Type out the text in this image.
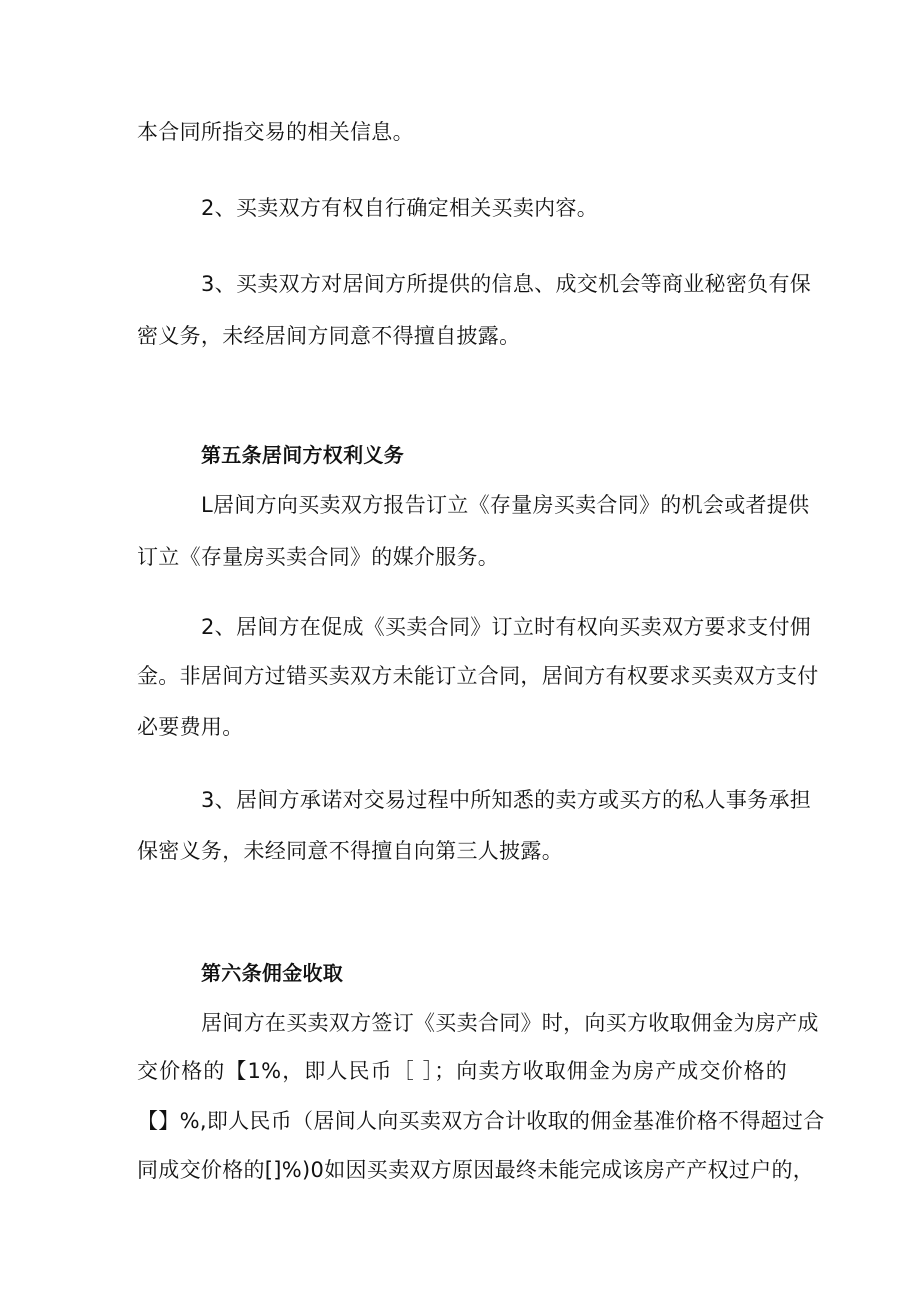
本合同所指交易的相关信息。
2、买卖双方有权自行确定相关买卖内容。
3、买卖双方对居间方所提供的信息、成交机会等商业秘密负有保
密义务，未经居间方同意不得擅自披露。
第五条居间方权利义务
L居间方向买卖双方报告订立《存量房买卖合同》的机会或者提供
订立《存量房买卖合同》的媒介服务。
2、居间方在促成《买卖合同》订立时有权向买卖双方要求支付佣
金。非居间方过错买卖双方未能订立合同，居间方有权要求买卖双方支付
必要费用。
3、居间方承诺对交易过程中所知悉的卖方或买方的私人事务承担
保密义务，未经同意不得擅自向第三人披露。
第六条佣金收取
居间方在买卖双方签订《买卖合同》时，向买方收取佣金为房产成
交价格的【1%，即人民币［ ］；向卖方收取佣金为房产成交价格的
【】%,即人民币（居间人向买卖双方合计收取的佣金基准价格不得超过合
同成交价格的[]%)0如因买卖双方原因最终未能完成该房产产权过户的，
